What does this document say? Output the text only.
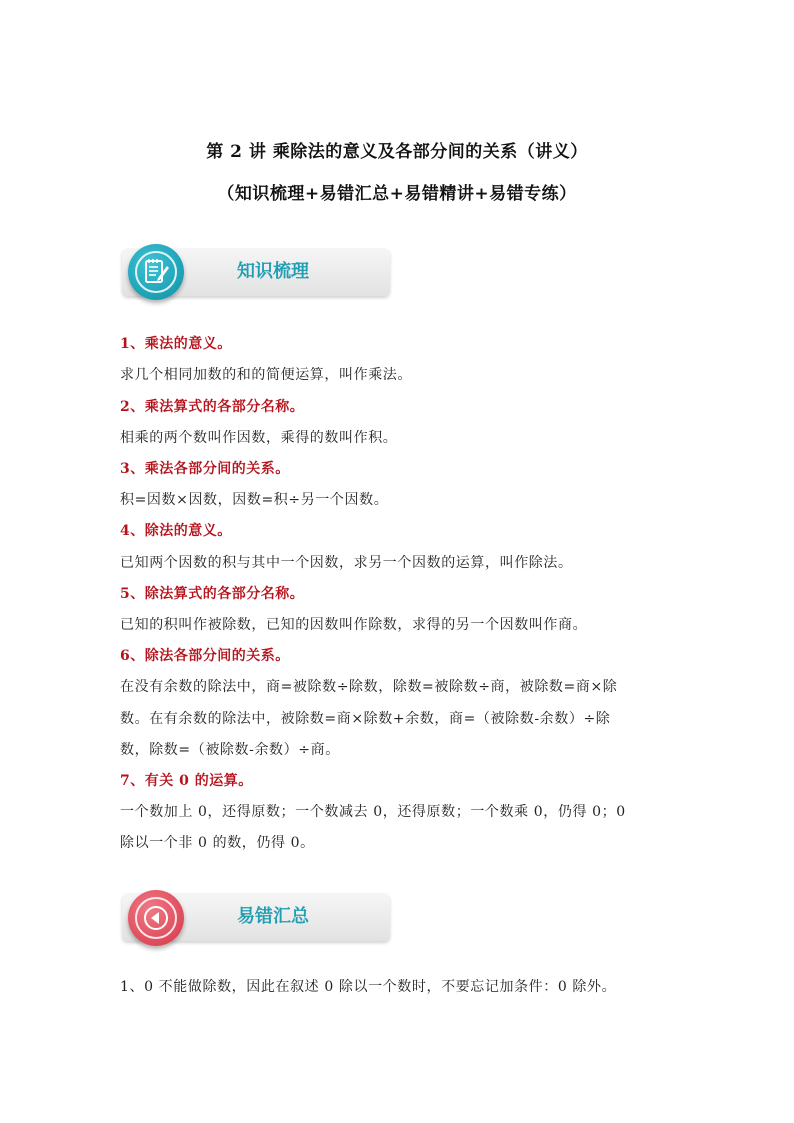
第 2 讲 乘除法的意义及各部分间的关系（讲义）
（知识梳理+易错汇总+易错精讲+易错专练）
知识梳理
1、乘法的意义。
求几个相同加数的和的简便运算，叫作乘法。
2、乘法算式的各部分名称。
相乘的两个数叫作因数，乘得的数叫作积。
3、乘法各部分间的关系。
积=因数×因数，因数=积÷另一个因数。
4、除法的意义。
已知两个因数的积与其中一个因数，求另一个因数的运算，叫作除法。
5、除法算式的各部分名称。
已知的积叫作被除数，已知的因数叫作除数，求得的另一个因数叫作商。
6、除法各部分间的关系。
在没有余数的除法中，商=被除数÷除数，除数=被除数÷商，被除数=商×除
数。在有余数的除法中，被除数=商×除数+余数，商=（被除数-余数）÷除
数，除数=（被除数-余数）÷商。
7、有关 0 的运算。
一个数加上 0，还得原数；一个数减去 0，还得原数；一个数乘 0，仍得 0；0
除以一个非 0 的数，仍得 0。
易错汇总
1、0 不能做除数，因此在叙述 0 除以一个数时，不要忘记加条件：0 除外。
